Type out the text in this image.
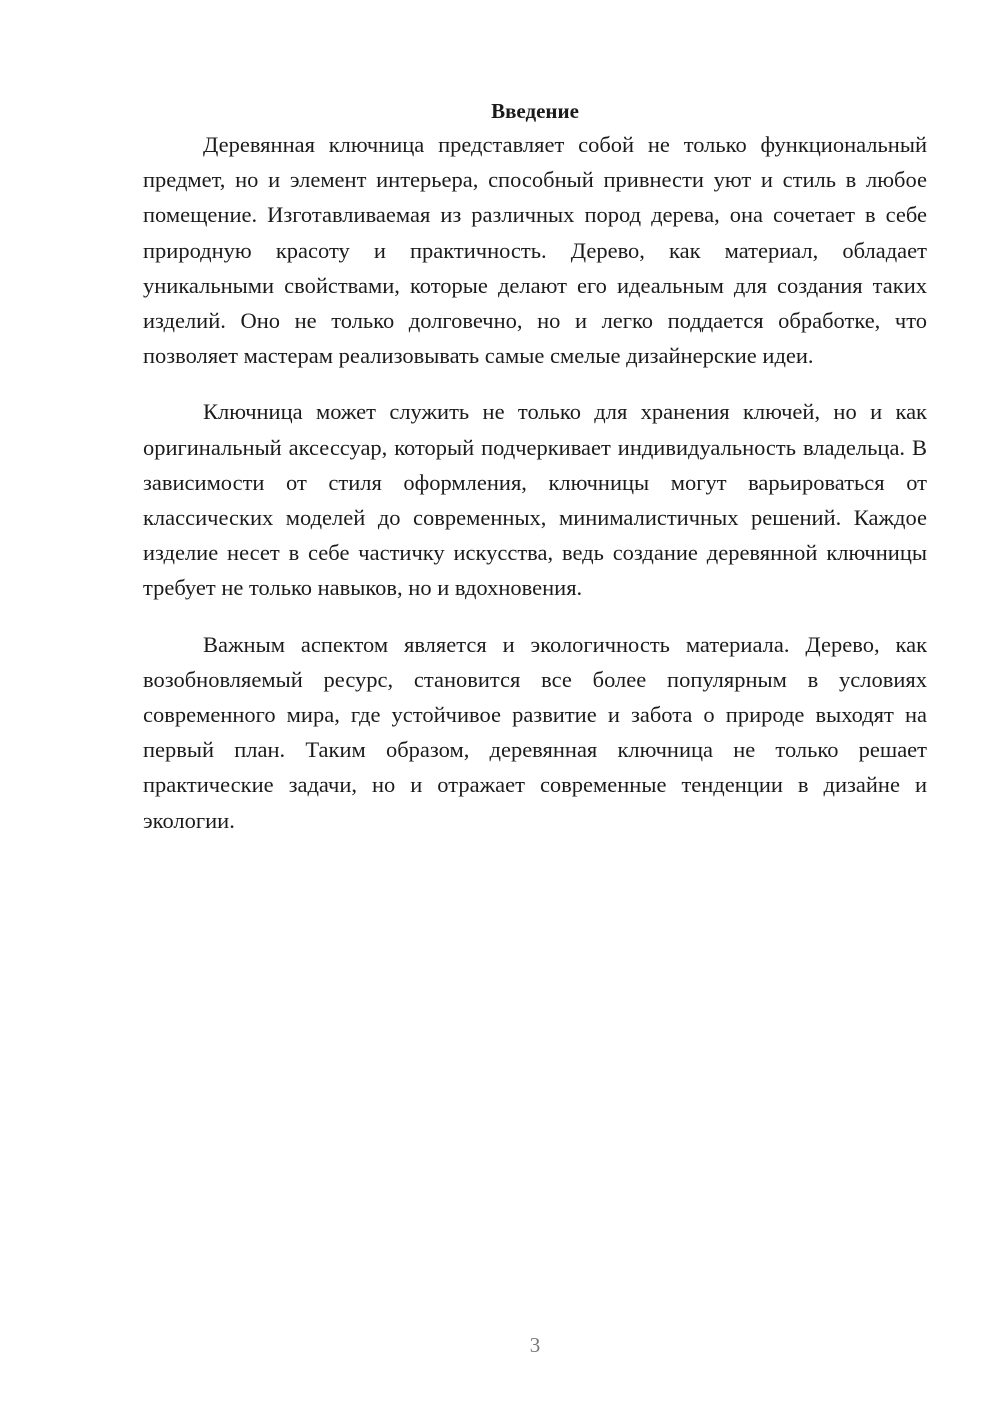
Введение

Деревянная ключница представляет собой не только функциональный предмет, но и элемент интерьера, способный привнести уют и стиль в любое помещение. Изготавливаемая из различных пород дерева, она сочетает в себе природную красоту и практичность. Дерево, как материал, обладает уникальными свойствами, которые делают его идеальным для создания таких изделий. Оно не только долговечно, но и легко поддается обработке, что позволяет мастерам реализовывать самые смелые дизайнерские идеи.

Ключница может служить не только для хранения ключей, но и как оригинальный аксессуар, который подчеркивает индивидуальность владельца. В зависимости от стиля оформления, ключницы могут варьироваться от классических моделей до современных, минималистичных решений. Каждое изделие несет в себе частичку искусства, ведь создание деревянной ключницы требует не только навыков, но и вдохновения.

Важным аспектом является и экологичность материала. Дерево, как возобновляемый ресурс, становится все более популярным в условиях современного мира, где устойчивое развитие и забота о природе выходят на первый план. Таким образом, деревянная ключница не только решает практические задачи, но и отражает современные тенденции в дизайне и экологии.

3
